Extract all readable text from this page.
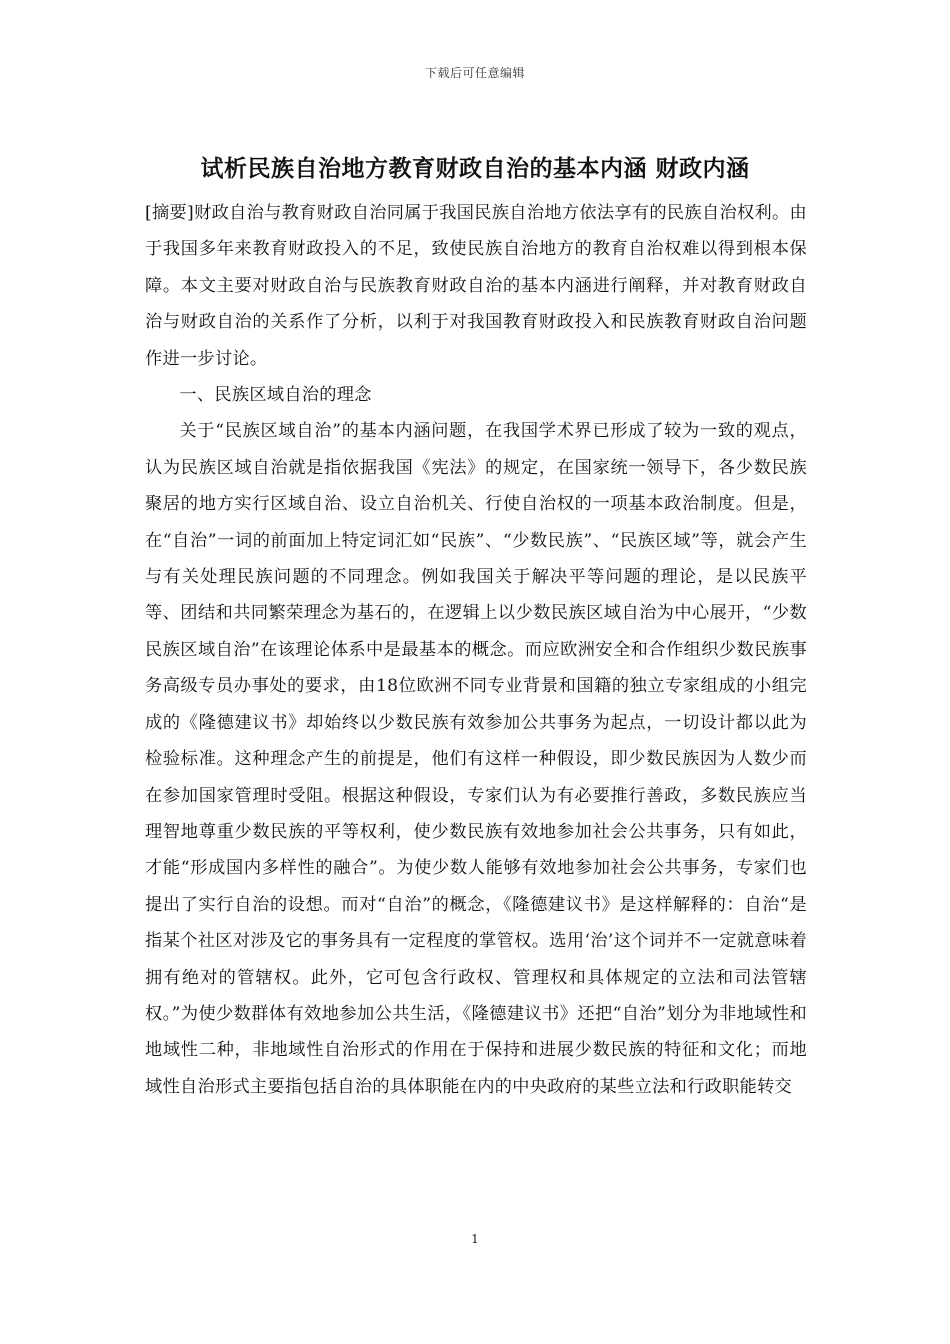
下载后可任意编辑
试析民族自治地方教育财政自治的基本内涵 财政内涵

[摘要]财政自治与教育财政自治同属于我国民族自治地方依法享有的民族自治权利。由于我国多年来教育财政投入的不足，致使民族自治地方的教育自治权难以得到根本保障。本文主要对财政自治与民族教育财政自治的基本内涵进行阐释，并对教育财政自治与财政自治的关系作了分析，以利于对我国教育财政投入和民族教育财政自治问题作进一步讨论。

一、民族区域自治的理念

关于“民族区域自治”的基本内涵问题，在我国学术界已形成了较为一致的观点，认为民族区域自治就是指依据我国《宪法》的规定，在国家统一领导下，各少数民族聚居的地方实行区域自治、设立自治机关、行使自治权的一项基本政治制度。但是，在“自治”一词的前面加上特定词汇如“民族”、“少数民族”、“民族区域”等，就会产生与有关处理民族问题的不同理念。例如我国关于解决平等问题的理论，是以民族平等、团结和共同繁荣理念为基石的，在逻辑上以少数民族区域自治为中心展开，“少数民族区域自治”在该理论体系中是最基本的概念。而应欧洲安全和合作组织少数民族事务高级专员办事处的要求，由18位欧洲不同专业背景和国籍的独立专家组成的小组完成的《隆德建议书》却始终以少数民族有效参加公共事务为起点，一切设计都以此为检验标准。这种理念产生的前提是，他们有这样一种假设，即少数民族因为人数少而在参加国家管理时受阻。根据这种假设，专家们认为有必要推行善政，多数民族应当理智地尊重少数民族的平等权利，使少数民族有效地参加社会公共事务，只有如此，才能“形成国内多样性的融合”。为使少数人能够有效地参加社会公共事务，专家们也提出了实行自治的设想。而对“自治”的概念，《隆德建议书》是这样解释的：自治“是指某个社区对涉及它的事务具有一定程度的掌管权。选用‘治’这个词并不一定就意味着拥有绝对的管辖权。此外，它可包含行政权、管理权和具体规定的立法和司法管辖权。”为使少数群体有效地参加公共生活，《隆德建议书》还把“自治”划分为非地域性和地域性二种，非地域性自治形式的作用在于保持和进展少数民族的特征和文化；而地域性自治形式主要指包括自治的具体职能在内的中央政府的某些立法和行政职能转交

1
